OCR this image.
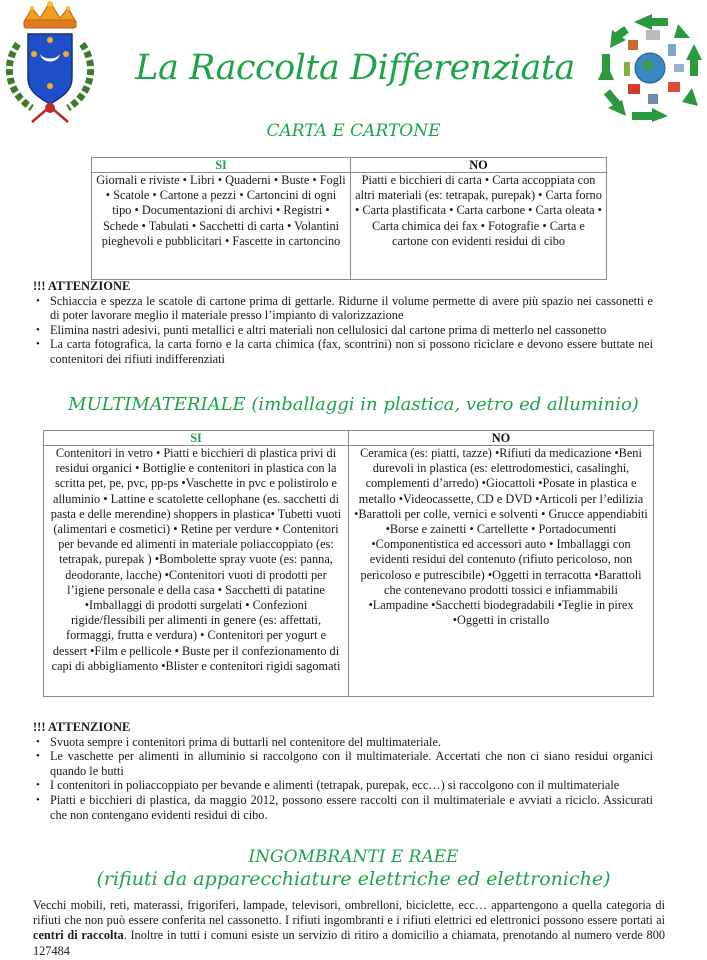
La Raccolta Differenziata
CARTA E CARTONE
SI	NO
Giornali e riviste • Libri • Quaderni • Buste • Fogli • Scatole • Cartone a pezzi • Cartoncini di ogni tipo • Documentazioni di archivi • Registri • Schede • Tabulati • Sacchetti di carta • Volantini pieghevoli e pubblicitari • Fascette in cartoncino	Piatti e bicchieri di carta • Carta accoppiata con altri materiali (es: tetrapak, purepak) • Carta forno • Carta plastificata • Carta carbone • Carta oleata • Carta chimica dei fax • Fotografie • Carta e cartone con evidenti residui di cibo
!!! ATTENZIONE
• Schiaccia e spezza le scatole di cartone prima di gettarle. Ridurne il volume permette di avere più spazio nei cassonetti e di poter lavorare meglio il materiale presso l’impianto di valorizzazione
• Elimina nastri adesivi, punti metallici e altri materiali non cellulosici dal cartone prima di metterlo nel cassonetto
• La carta fotografica, la carta forno e la carta chimica (fax, scontrini) non si possono riciclare e devono essere buttate nei contenitori dei rifiuti indifferenziati
MULTIMATERIALE (imballaggi in plastica, vetro ed alluminio)
SI	NO
Contenitori in vetro • Piatti e bicchieri di plastica privi di residui organici • Bottiglie e contenitori in plastica con la scritta pet, pe, pvc, pp-ps •Vaschette in pvc e polistirolo e alluminio • Lattine e scatolette cellophane (es. sacchetti di pasta e delle merendine) shoppers in plastica• Tubetti vuoti (alimentari e cosmetici) • Retine per verdure • Contenitori per bevande ed alimenti in materiale poliaccoppiato (es: tetrapak, purepak ) •Bombolette spray vuote (es: panna, deodorante, lacche) •Contenitori vuoti di prodotti per l’igiene personale e della casa • Sacchetti di patatine •Imballaggi di prodotti surgelati • Confezioni rigide/flessibili per alimenti in genere (es: affettati, formaggi, frutta e verdura) • Contenitori per yogurt e dessert •Film e pellicole • Buste per il confezionamento di capi di abbigliamento •Blister e contenitori rigidi sagomati	Ceramica (es: piatti, tazze) •Rifiuti da medicazione •Beni durevoli in plastica (es: elettrodomestici, casalinghi, complementi d’arredo) •Giocattoli •Posate in plastica e metallo •Videocassette, CD e DVD •Articoli per l’edilizia •Barattoli per colle, vernici e solventi • Grucce appendiabiti •Borse e zainetti • Cartellette • Portadocumenti •Componentistica ed accessori auto • Imballaggi con evidenti residui del contenuto (rifiuto pericoloso, non pericoloso e putrescibile) •Oggetti in terracotta •Barattoli che contenevano prodotti tossici e infiammabili •Lampadine •Sacchetti biodegradabili •Teglie in pirex •Oggetti in cristallo
!!! ATTENZIONE
• Svuota sempre i contenitori prima di buttarli nel contenitore del multimateriale.
• Le vaschette per alimenti in alluminio si raccolgono con il multimateriale. Accertati che non ci siano residui organici quando le butti
• I contenitori in poliaccoppiato per bevande e alimenti (tetrapak, purepak, ecc…) si raccolgono con il multimateriale
• Piatti e bicchieri di plastica, da maggio 2012, possono essere raccolti con il multimateriale e avviati a riciclo. Assicurati che non contengano evidenti residui di cibo.
INGOMBRANTI E RAEE
(rifiuti da apparecchiature elettriche ed elettroniche)
Vecchi mobili, reti, materassi, frigoriferi, lampade, televisori, ombrelloni, biciclette, ecc… appartengono a quella categoria di rifiuti che non può essere conferita nel cassonetto. I rifiuti ingombranti e i rifiuti elettrici ed elettronici possono essere portati ai centri di raccolta. Inoltre in tutti i comuni esiste un servizio di ritiro a domicilio a chiamata, prenotando al numero verde 800 127484
